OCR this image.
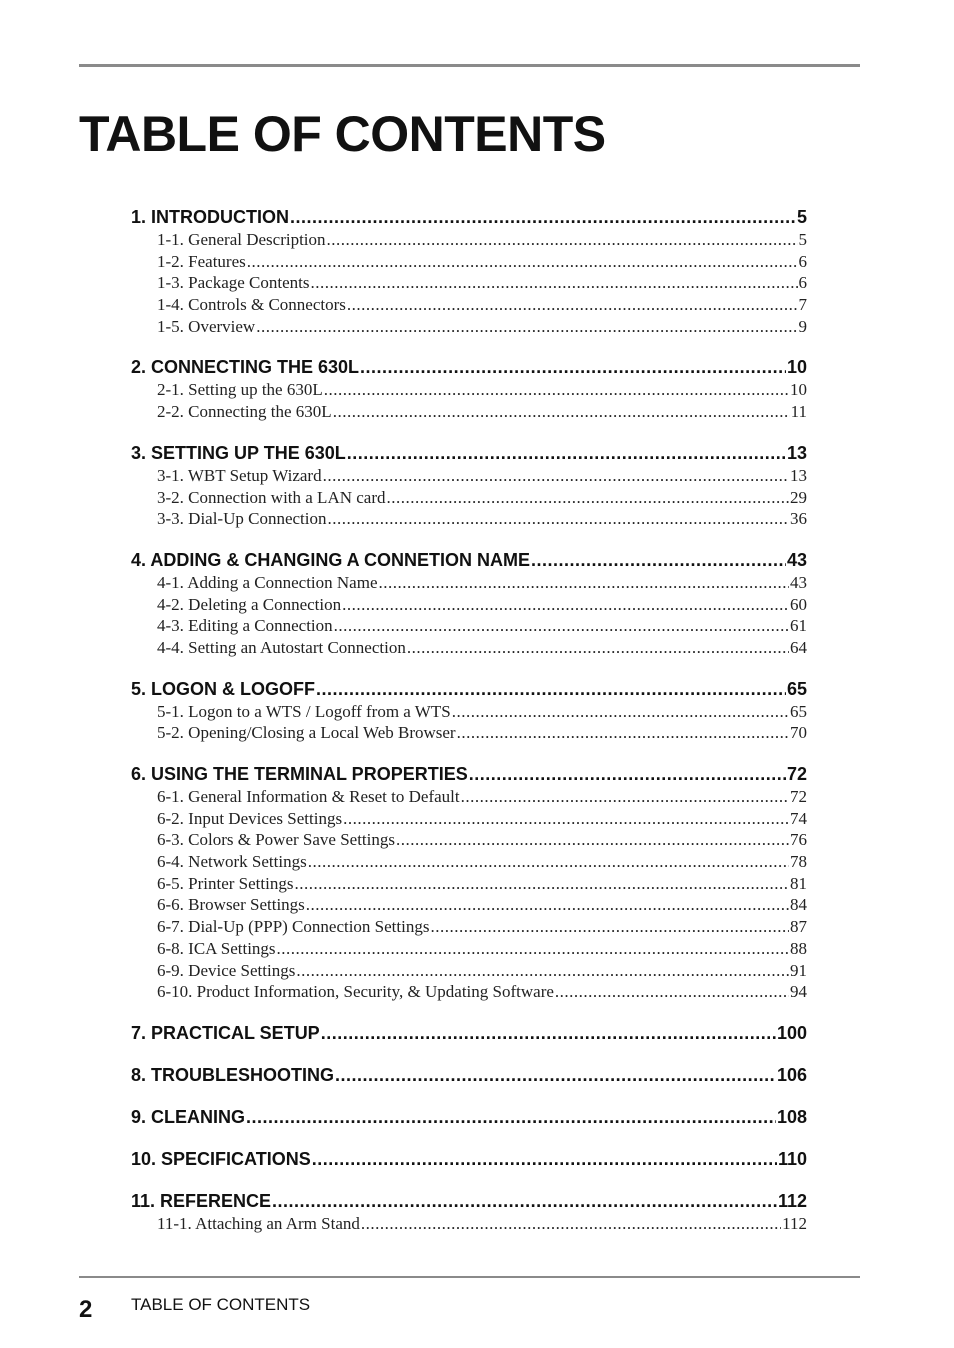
TABLE OF CONTENTS
1. INTRODUCTION .....	5
1-1. General Description .....	5
1-2. Features .....	6
1-3. Package Contents .....	6
1-4. Controls & Connectors .....	7
1-5. Overview .....	9
2. CONNECTING THE 630L .....	10
2-1. Setting up the 630L .....	10
2-2. Connecting the 630L .....	11
3. SETTING UP THE 630L .....	13
3-1. WBT Setup Wizard .....	13
3-2. Connection with a LAN card .....	29
3-3. Dial-Up Connection .....	36
4. ADDING & CHANGING A CONNETION NAME .....	43
4-1. Adding a Connection Name .....	43
4-2. Deleting a Connection .....	60
4-3. Editing a Connection .....	61
4-4. Setting an Autostart Connection .....	64
5. LOGON & LOGOFF .....	65
5-1. Logon to a WTS / Logoff from a WTS .....	65
5-2. Opening/Closing a Local Web Browser .....	70
6. USING THE TERMINAL PROPERTIES .....	72
6-1. General Information & Reset to Default .....	72
6-2. Input Devices Settings .....	74
6-3. Colors & Power Save Settings .....	76
6-4. Network Settings .....	78
6-5. Printer Settings .....	81
6-6. Browser Settings .....	84
6-7. Dial-Up (PPP) Connection Settings .....	87
6-8. ICA Settings .....	88
6-9. Device Settings .....	91
6-10. Product Information, Security, & Updating Software .....	94
7. PRACTICAL SETUP .....	100
8. TROUBLESHOOTING .....	106
9. CLEANING .....	108
10. SPECIFICATIONS .....	110
11. REFERENCE .....	112
11-1. Attaching an Arm Stand .....	112
2 TABLE OF CONTENTS
